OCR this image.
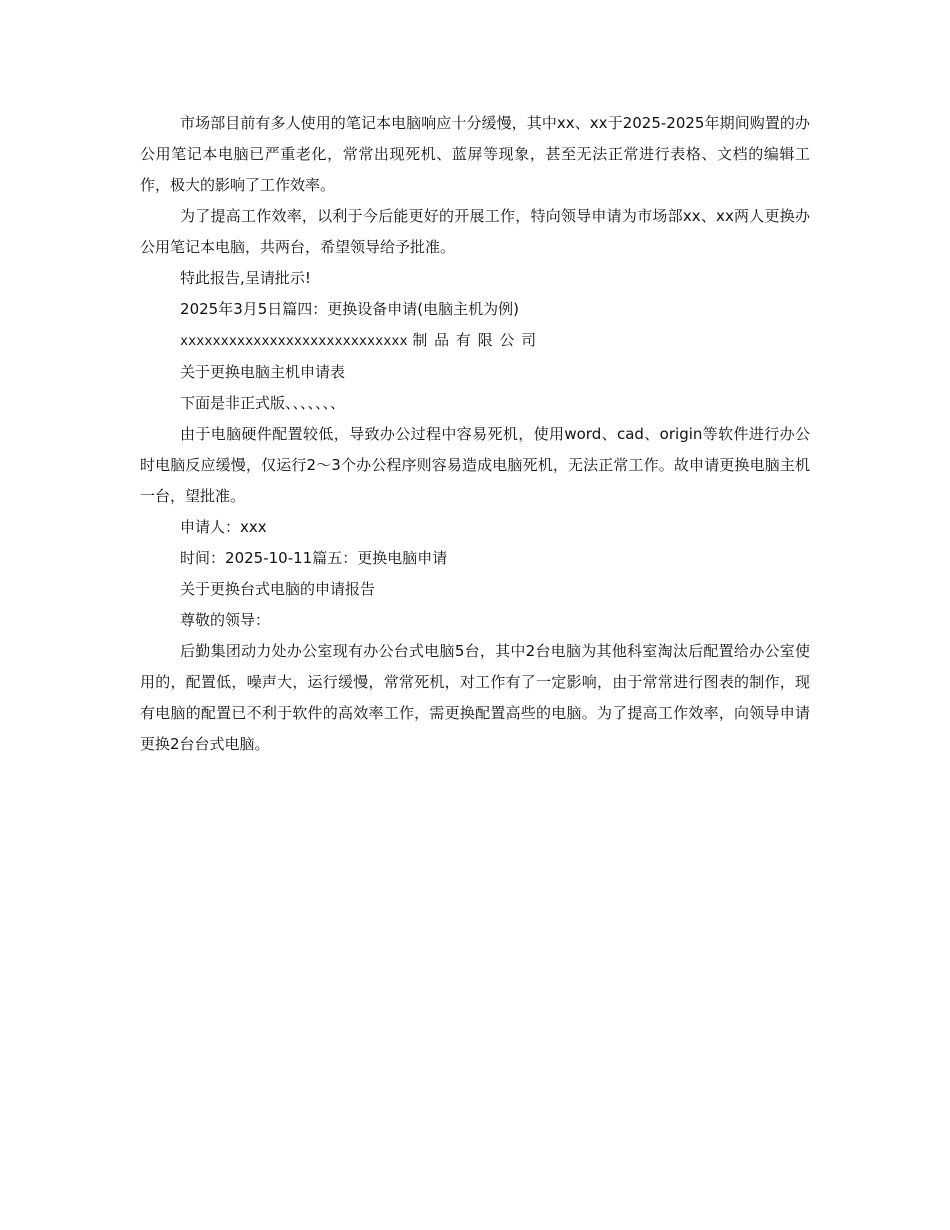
市场部目前有多人使用的笔记本电脑响应十分缓慢，其中xx、xx于2025-2025年期间购置的办公用笔记本电脑已严重老化，常常出现死机、蓝屏等现象，甚至无法正常进行表格、文档的编辑工作，极大的影响了工作效率。

为了提高工作效率，以利于今后能更好的开展工作，特向领导申请为市场部xx、xx两人更换办公用笔记本电脑，共两台，希望领导给予批准。

特此报告,呈请批示!

2025年3月5日篇四：更换设备申请(电脑主机为例)

xxxxxxxxxxxxxxxxxxxxxxxxxxxx 制品有限公司

关于更换电脑主机申请表

下面是非正式版、、、、、、、

由于电脑硬件配置较低，导致办公过程中容易死机，使用word、cad、origin等软件进行办公时电脑反应缓慢，仅运行2～3个办公程序则容易造成电脑死机，无法正常工作。故申请更换电脑主机一台，望批准。

申请人：xxx

时间：2025-10-11篇五：更换电脑申请

关于更换台式电脑的申请报告

尊敬的领导：

后勤集团动力处办公室现有办公台式电脑5台，其中2台电脑为其他科室淘汰后配置给办公室使用的，配置低，噪声大，运行缓慢，常常死机，对工作有了一定影响，由于常常进行图表的制作，现有电脑的配置已不利于软件的高效率工作，需更换配置高些的电脑。为了提高工作效率，向领导申请更换2台台式电脑。
